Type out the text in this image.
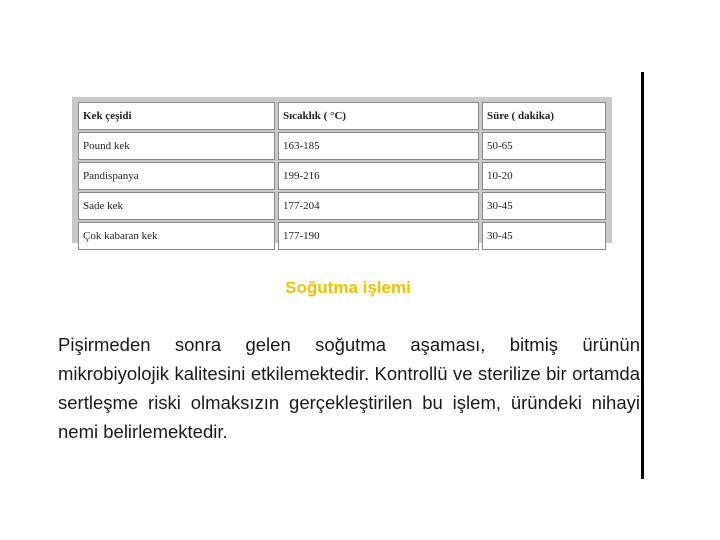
Kek çeşidi	Sıcaklık ( °C)	Süre ( dakika)
Pound kek	163-185	50-65
Pandispanya	199-216	10-20
Sade kek	177-204	30-45
Çok kabaran kek	177-190	30-45
Soğutma işlemi
Pişirmeden sonra gelen soğutma aşaması, bitmiş ürünün mikrobiyolojik kalitesini etkilemektedir. Kontrollü ve sterilize bir ortamda sertleşme riski olmaksızın gerçekleştirilen bu işlem, üründeki nihayi nemi belirlemektedir.
